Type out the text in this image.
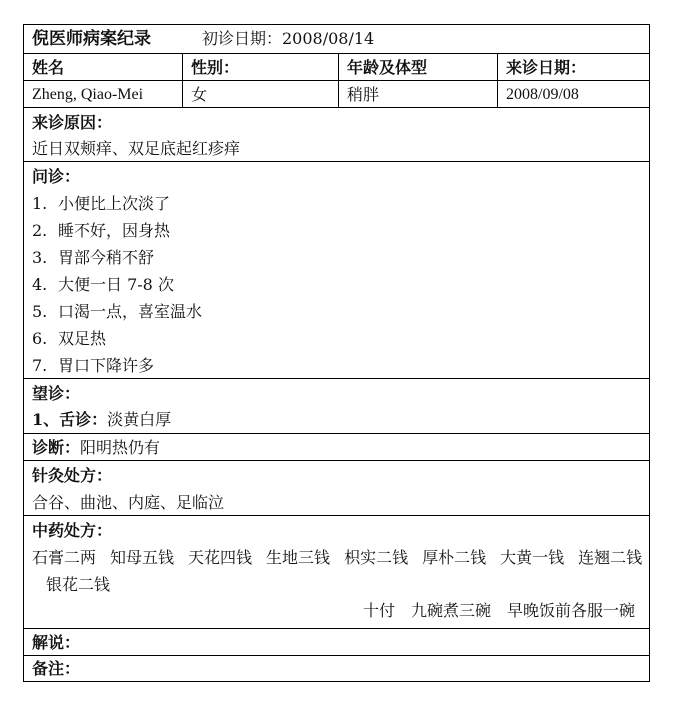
倪医师病案纪录	初诊日期：2008/08/14
姓名	性别：	年龄及体型	来诊日期：
Zheng, Qiao-Mei	女	稍胖	2008/09/08
来诊原因：
近日双颊痒、双足底起红疹痒
问诊：
1. 小便比上次淡了
2. 睡不好，因身热
3. 胃部今稍不舒
4. 大便一日 7-8 次
5. 口渴一点，喜室温水
6. 双足热
7. 胃口下降许多
望诊：
1、舌诊：淡黄白厚
诊断：阳明热仍有
针灸处方：
合谷、曲池、内庭、足临泣
中药处方：
石膏二两 知母五钱 天花四钱 生地三钱 枳实二钱 厚朴二钱 大黄一钱 连翘二钱银花二钱
十付　九碗煮三碗　早晚饭前各服一碗
解说：
备注：
